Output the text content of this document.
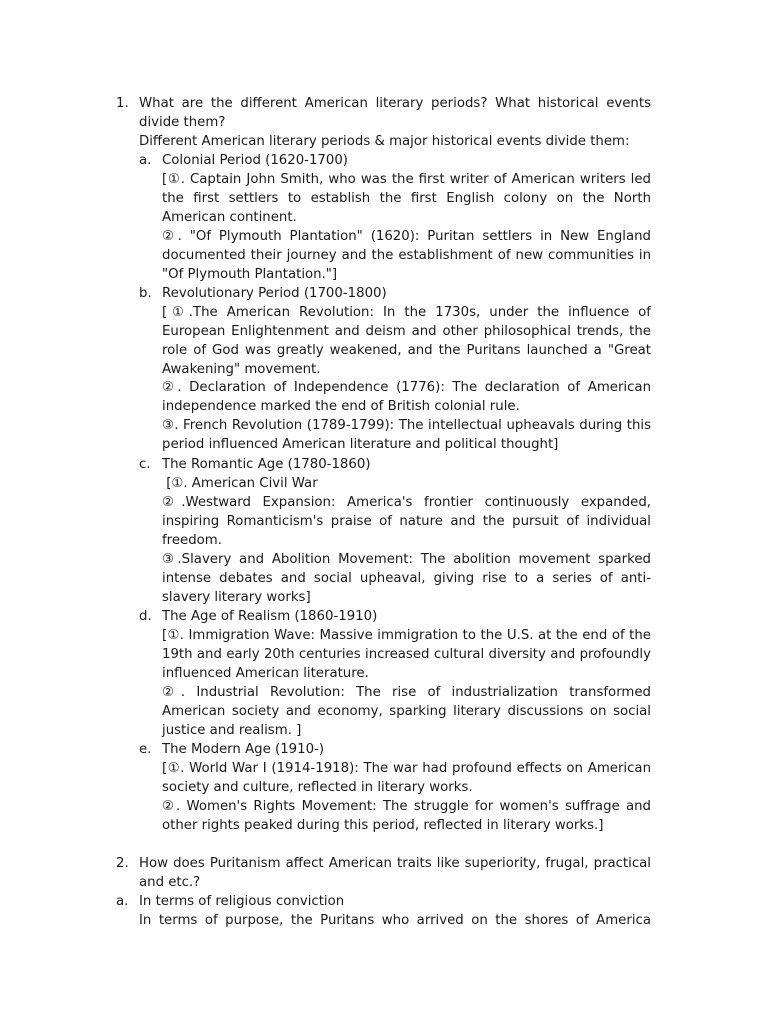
1. What are the different American literary periods? What historical events divide them?
Different American literary periods & major historical events divide them:
a. Colonial Period (1620-1700)
[①. Captain John Smith, who was the first writer of American writers led the first settlers to establish the first English colony on the North American continent.
②. "Of Plymouth Plantation" (1620): Puritan settlers in New England documented their journey and the establishment of new communities in "Of Plymouth Plantation."]
b. Revolutionary Period (1700-1800)
[①.The American Revolution: In the 1730s, under the influence of European Enlightenment and deism and other philosophical trends, the role of God was greatly weakened, and the Puritans launched a "Great Awakening" movement.
②. Declaration of Independence (1776): The declaration of American independence marked the end of British colonial rule.
③. French Revolution (1789-1799): The intellectual upheavals during this period influenced American literature and political thought]
c. The Romantic Age (1780-1860)
[①. American Civil War
②.Westward Expansion: America's frontier continuously expanded, inspiring Romanticism's praise of nature and the pursuit of individual freedom.
③.Slavery and Abolition Movement: The abolition movement sparked intense debates and social upheaval, giving rise to a series of anti-slavery literary works]
d. The Age of Realism (1860-1910)
[①. Immigration Wave: Massive immigration to the U.S. at the end of the 19th and early 20th centuries increased cultural diversity and profoundly influenced American literature.
②. Industrial Revolution: The rise of industrialization transformed American society and economy, sparking literary discussions on social justice and realism. ]
e. The Modern Age (1910-)
[①. World War I (1914-1918): The war had profound effects on American society and culture, reflected in literary works.
②. Women's Rights Movement: The struggle for women's suffrage and other rights peaked during this period, reflected in literary works.]
2. How does Puritanism affect American traits like superiority, frugal, practical and etc.?
a. In terms of religious conviction
In terms of purpose, the Puritans who arrived on the shores of America
